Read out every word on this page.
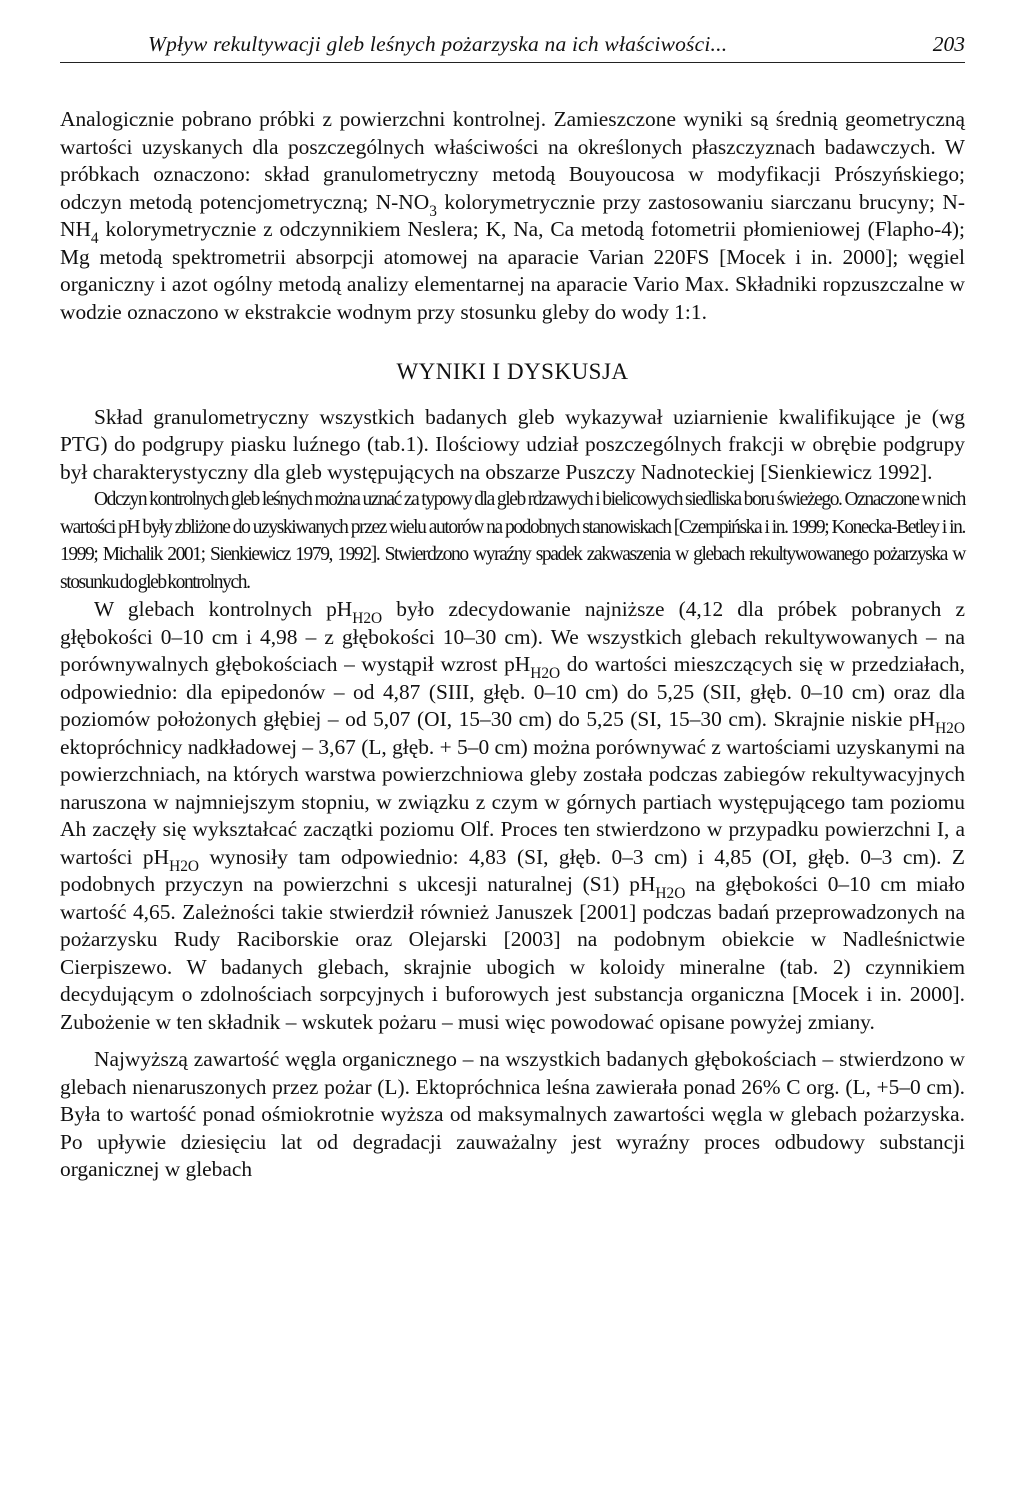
Wpływ rekultywacji gleb leśnych pożarzyska na ich właściwości...	203

Analogicznie pobrano próbki z powierzchni kontrolnej. Zamieszczone wyniki są średnią geometryczną wartości uzyskanych dla poszczególnych właściwości na określonych płaszczyznach badawczych. W próbkach oznaczono: skład granulometryczny metodą Bouyoucosa w modyfikacji Prószyńskiego; odczyn metodą potencjometryczną; $N-NO_3$ kolorymetrycznie przy zastosowaniu siarczanu brucyny; $N-NH_4$ kolorymetrycznie z odczynnikiem Neslera; K, Na, Ca metodą fotometrii płomieniowej (Flapho-4); Mg metodą spektrometrii absorpcji atomowej na aparacie Varian 220FS [Mocek i in. 2000]; węgiel organiczny i azot ogólny metodą analizy elementarnej na aparacie Vario Max. Składniki ropzuszczalne w wodzie oznaczono w ekstrakcie wodnym przy stosunku gleby do wody 1:1.

WYNIKI I DYSKUSJA

Skład granulometryczny wszystkich badanych gleb wykazywał uziarnienie kwalifikujące je (wg PTG) do podgrupy piasku luźnego (tab.1). Ilościowy udział poszczególnych frakcji w obrębie podgrupy był charakterystyczny dla gleb występujących na obszarze Puszczy Nadnoteckiej [Sienkiewicz 1992].

Odczyn kontrolnych gleb leśnych można uznać za typowy dla gleb rdzawych i bielicowych siedliska boru świeżego. Oznaczone w nich wartości pH były zbliżone do uzyskiwanych przez wielu autorów na podobnych stanowiskach [Czempińska i in. 1999; Konecka-Betley i in. 1999; Michalik 2001; Sienkiewicz 1979, 1992]. Stwierdzono wyraźny spadek zakwaszenia w glebach rekultywowanego pożarzyska w stosunku do gleb kontrolnych.

W glebach kontrolnych $pH_{H2O}$ było zdecydowanie najniższe (4,12 dla próbek pobranych z głębokości 0–10 cm i 4,98 – z głębokości 10–30 cm). We wszystkich glebach rekultywowanych – na porównywalnych głębokościach – wystąpił wzrost $pH_{H2O}$ do wartości mieszczących się w przedziałach, odpowiednio: dla epipedonów – od 4,87 (SIII, głęb. 0–10 cm) do 5,25 (SII, głęb. 0–10 cm) oraz dla poziomów położonych głębiej – od 5,07 (OI, 15–30 cm) do 5,25 (SI, 15–30 cm). Skrajnie niskie $pH_{H2O}$ ektopróchnicy nadkładowej – 3,67 (L, głęb. + 5–0 cm) można porównywać z wartościami uzyskanymi na powierzchniach, na których warstwa powierzchniowa gleby została podczas zabiegów rekultywacyjnych naruszona w najmniejszym stopniu, w związku z czym w górnych partiach występującego tam poziomu Ah zaczęły się wykształcać zaczątki poziomu Olf. Proces ten stwierdzono w przypadku powierzchni I, a wartości $pH_{H2O}$ wynosiły tam odpowiednio: 4,83 (SI, głęb. 0–3 cm) i 4,85 (OI, głęb. 0–3 cm). Z podobnych przyczyn na powierzchni s ukcesji naturalnej (S1) $pH_{H2O}$ na głębokości 0–10 cm miało wartość 4,65. Zależności takie stwierdził również Januszek [2001] podczas badań przeprowadzonych na pożarzysku Rudy Raciborskie oraz Olejarski [2003] na podobnym obiekcie w Nadleśnictwie Cierpiszewo. W badanych glebach, skrajnie ubogich w koloidy mineralne (tab. 2) czynnikiem decydującym o zdolnościach sorpcyjnych i buforowych jest substancja organiczna [Mocek i in. 2000]. Zubożenie w ten składnik – wskutek pożaru – musi więc powodować opisane powyżej zmiany.

Najwyższą zawartość węgla organicznego – na wszystkich badanych głębokościach – stwierdzono w glebach nienaruszonych przez pożar (L). Ektopróchnica leśna zawierała ponad 26% C org. (L, +5–0 cm). Była to wartość ponad ośmiokrotnie wyższa od maksymalnych zawartości węgla w glebach pożarzyska. Po upływie dziesięciu lat od degradacji zauważalny jest wyraźny proces odbudowy substancji organicznej w glebach
